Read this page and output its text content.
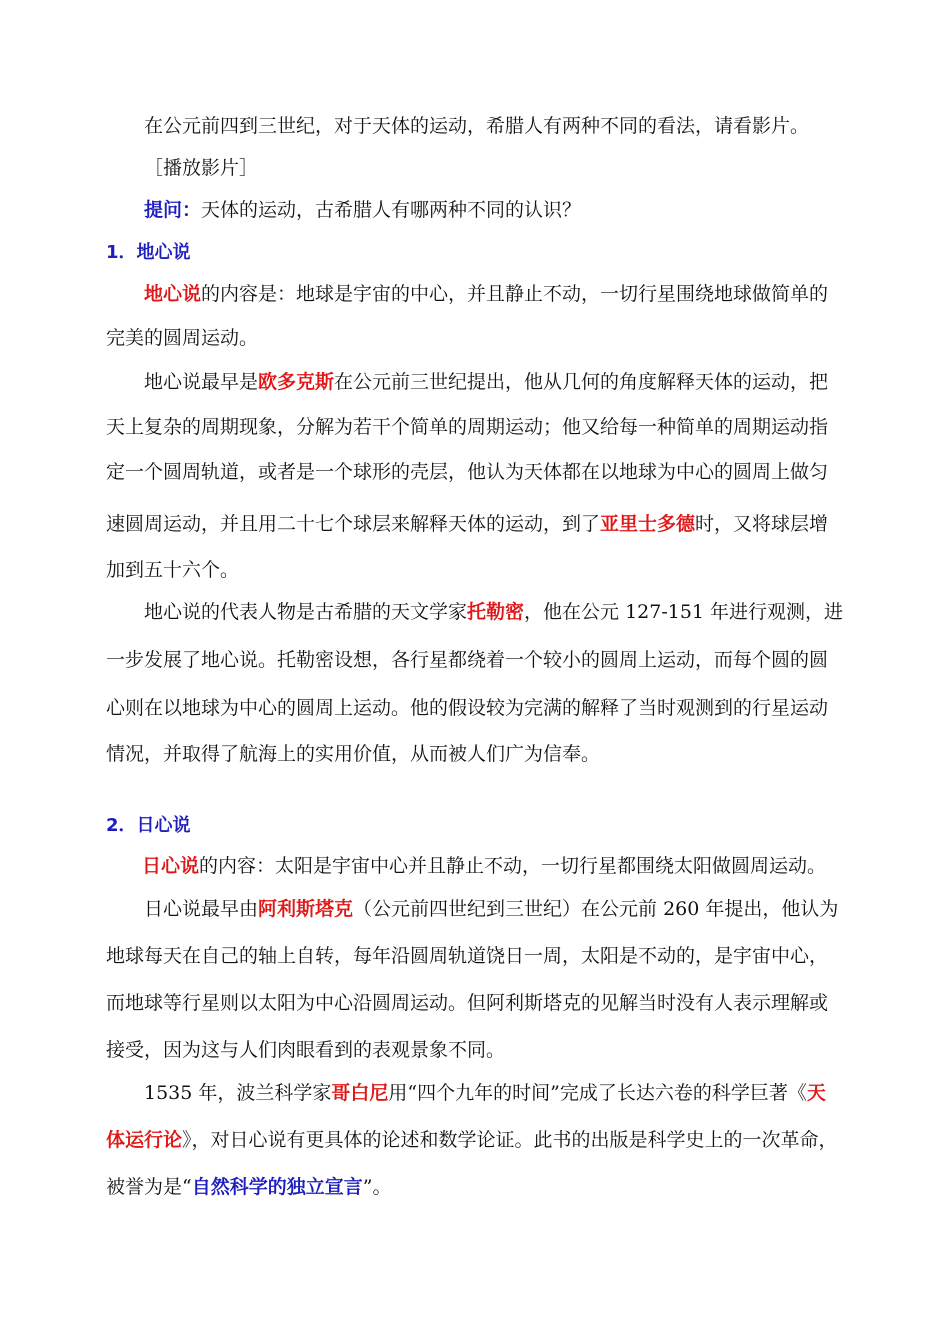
在公元前四到三世纪，对于天体的运动，希腊人有两种不同的看法，请看影片。
［播放影片］
提问：天体的运动，古希腊人有哪两种不同的认识？
1．地心说
地心说的内容是：地球是宇宙的中心，并且静止不动，一切行星围绕地球做简单的
完美的圆周运动。
地心说最早是欧多克斯在公元前三世纪提出，他从几何的角度解释天体的运动，把
天上复杂的周期现象，分解为若干个简单的周期运动；他又给每一种简单的周期运动指
定一个圆周轨道，或者是一个球形的壳层，他认为天体都在以地球为中心的圆周上做匀
速圆周运动，并且用二十七个球层来解释天体的运动，到了亚里士多德时，又将球层增
加到五十六个。
地心说的代表人物是古希腊的天文学家托勒密，他在公元 127-151 年进行观测，进
一步发展了地心说。托勒密设想，各行星都绕着一个较小的圆周上运动，而每个圆的圆
心则在以地球为中心的圆周上运动。他的假设较为完满的解释了当时观测到的行星运动
情况，并取得了航海上的实用价值，从而被人们广为信奉。
2．日心说
日心说的内容：太阳是宇宙中心并且静止不动，一切行星都围绕太阳做圆周运动。
日心说最早由阿利斯塔克（公元前四世纪到三世纪）在公元前 260 年提出，他认为
地球每天在自己的轴上自转，每年沿圆周轨道饶日一周，太阳是不动的，是宇宙中心，
而地球等行星则以太阳为中心沿圆周运动。但阿利斯塔克的见解当时没有人表示理解或
接受，因为这与人们肉眼看到的表观景象不同。
1535 年，波兰科学家哥白尼用“四个九年的时间”完成了长达六卷的科学巨著《天
体运行论》，对日心说有更具体的论述和数学论证。此书的出版是科学史上的一次革命，
被誉为是“自然科学的独立宣言”。
